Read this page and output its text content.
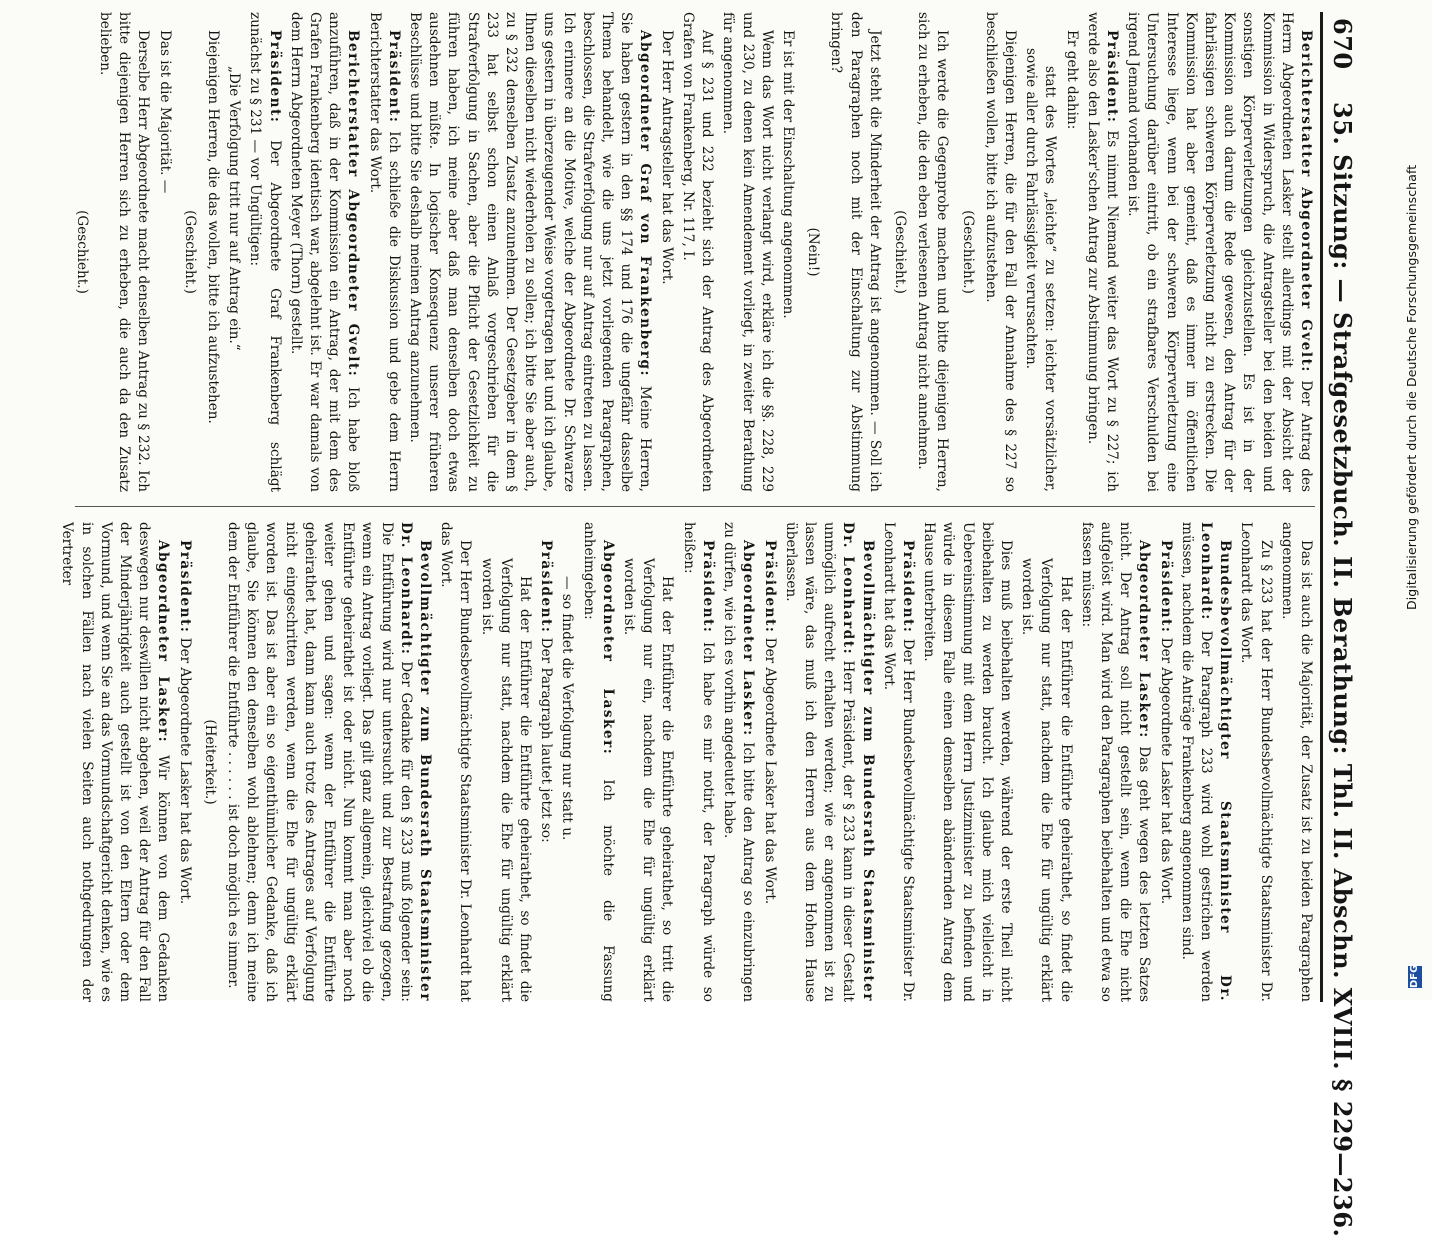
670
35. Sitzung: — Strafgesetzbuch. II. Berathung: Thl. II. Abschn. XVIII. § 229—236.

Berichterstatter Abgeordneter Gvelt: Der Antrag des Herrn Abgeordneten Lasker stellt allerdings mit der Absicht der Kommission in Widerspruch, die Antragsteller bei den beiden und sonstigen Körperverletzungen gleichzustellen. Es ist in der Kommission auch darum die Rede gewesen, den Antrag für der fahrlässigen schweren Körperverletzung nicht zu erstrecken. Die Kommission hat aber gemeint, daß es immer im öffentlichen Interesse liege, wenn bei der schweren Körperverletzung eine Untersuchung darüber eintritt, ob ein strafbares Verschulden bei irgend Jemand vorhanden ist.

Präsident: Es nimmt Niemand weiter das Wort zu § 227; ich werde also den Lasker'schen Antrag zur Abstimmung bringen.

Er geht dahin:

statt des Wortes „leichte“ zu setzen: leichter vorsätzlicher, sowie aller durch Fahrlässigkeit verursachten.

Diejenigen Herren, die für den Fall der Annahme des § 227 so beschließen wollen, bitte ich aufzustehen.

(Geschieht.)

Ich werde die Gegenprobe machen und bitte diejenigen Herren, sich zu erheben, die den eben verlesenen Antrag nicht annehmen.

(Geschieht.)

Jetzt steht die Minderheit der Antrag ist angenommen. — Soll ich den Paragraphen noch mit der Einschaltung zur Abstimmung bringen?

(Nein!)

Er ist mit der Einschaltung angenommen.

Wenn das Wort nicht verlangt wird, erkläre ich die §§. 228, 229 und 230, zu denen kein Amendement vorliegt, in zweiter Berathung für angenommen.

Auf § 231 und 232 bezieht sich der Antrag des Abgeordneten Grafen von Frankenberg, Nr. 117, I.

Der Herr Antragsteller hat das Wort.

Abgeordneter Graf von Frankenberg: Meine Herren, Sie haben gestern in den §§ 174 und 176 die ungefähr dasselbe Thema behandelt, wie die uns jetzt vorliegenden Paragraphen, beschlossen, die Strafverfolgung nur auf Antrag eintreten zu lassen. Ich erinnere an die Motive, welche der Abgeordnete Dr. Schwarze uns gestern in überzeugender Weise vorgetragen hat und ich glaube, Ihnen dieselben nicht wiederholen zu sollen; ich bitte Sie aber auch, zu § 232 denselben Zusatz anzunehmen. Der Gesetzgeber in dem § 233 hat selbst schon einen Anlaß vorgeschrieben für die Strafverfolgung in Sachen, aber die Pflicht der Gesetzlichkeit zu führen haben, ich meine aber daß man denselben doch etwas ausdehnen müßte. In logischer Konsequenz unserer früheren Beschlüsse und bitte Sie deshalb meinen Antrag anzunehmen.

Präsident: Ich schließe die Diskussion und gebe dem Herrn Berichterstatter das Wort.

Berichterstatter Abgeordneter Gvelt: Ich habe bloß anzuführen, daß in der Kommission ein Antrag, der mit dem des Grafen Frankenberg identisch war, abgelehnt ist. Er war damals von dem Herrn Abgeordneten Meyer (Thorn) gestellt.

Präsident: Der Abgeordnete Graf Frankenberg schlägt zunächst zu § 231 — vor Ungültigen:

„Die Verfolgung tritt nur auf Antrag ein.“

Diejenigen Herren, die das wollen, bitte ich aufzustehen.

(Geschieht.)

Das ist die Majorität. —

Derselbe Herr Abgeordnete macht denselben Antrag zu § 232. Ich bitte diejenigen Herren sich zu erheben, die auch da den Zusatz belieben.

(Geschieht.)

Das ist auch die Majorität, der Zusatz ist zu beiden Paragraphen angenommen.

Zu § 233 hat der Herr Bundesbevollmächtigte Staatsminister Dr. Leonhardt das Wort.

Bundesbevollmächtigter Staatsminister Dr. Leonhardt: Der Paragraph 233 wird wohl gestrichen werden müssen, nachdem die Anträge Frankenberg angenommen sind.

Präsident: Der Abgeordnete Lasker hat das Wort.

Abgeordneter Lasker: Das geht wegen des letzten Satzes nicht. Der Antrag soll nicht gestellt sein, wenn die Ehe nicht aufgelöst wird. Man wird den Paragraphen beibehalten und etwa so fassen müssen:

Hat der Entführer die Entführte geheirathet, so findet die Verfolgung nur statt, nachdem die Ehe für ungültig erklärt worden ist.

Dies muß beibehalten werden, während der erste Theil nicht beibehalten zu werden braucht. Ich glaube mich vielleicht in Uebereinstimmung mit dem Herrn Justizminister zu befinden und würde in diesem Falle einen demselben abändernden Antrag dem Hause unterbreiten.

Präsident: Der Herr Bundesbevollmächtigte Staatsminister Dr. Leonhardt hat das Wort.

Bevollmächtigter zum Bundesrath Staatsminister Dr. Leonhardt: Herr Präsident, der § 233 kann in dieser Gestalt unmöglich aufrecht erhalten werden; wie er angenommen ist zu lassen wäre, das muß ich den Herren aus dem Hohen Hause überlassen.

Präsident: Der Abgeordnete Lasker hat das Wort.

Abgeordneter Lasker: Ich bitte den Antrag so einzubringen zu dürfen, wie ich es vorhin angedeutet habe.

Präsident: Ich habe es mir notirt, der Paragraph würde so heißen:

Hat der Entführer die Entführte geheirathet, so tritt die Verfolgung nur ein, nachdem die Ehe für ungültig erklärt worden ist.

Abgeordneter Lasker: Ich möchte die Fassung anheimgeben:

— so findet die Verfolgung nur statt u.

Präsident: Der Paragraph lautet jetzt so:

Hat der Entführer die Entführte geheirathet, so findet die Verfolgung nur statt, nachdem die Ehe für ungültig erklärt worden ist.

Der Herr Bundesbevollmächtigte Staatsminister Dr. Leonhardt hat das Wort.

Bevollmächtigter zum Bundesrath Staatsminister Dr. Leonhardt: Der Gedanke für den § 233 muß folgender sein: Die Entführung wird nur untersucht und zur Bestrafung gezogen, wenn ein Antrag vorliegt. Das gilt ganz allgemein, gleichviel ob die Entführte geheirathet ist oder nicht. Nun kommt man aber noch weiter gehen und sagen: wenn der Entführer die Entführte geheirathet hat, dann kann auch trotz des Antrages auf Verfolgung nicht eingeschritten werden, wenn die Ehe für ungültig erklärt worden ist. Das ist aber ein so eigenthümlicher Gedanke, daß ich glaube, Sie können den denselben wohl ablehnen; denn ich meine dem der Entführer die Entführte . . . . . . ist doch möglich es immer.

(Heiterkeit.)

Präsident: Der Abgeordnete Lasker hat das Wort.

Abgeordneter Lasker: Wir können von dem Gedanken deswegen nur deswillen nicht abgehen, weil der Antrag für den Fall der Minderjährigkeit auch gestellt ist von den Eltern oder dem Vormund, und wenn Sie an das Vormundschaftgericht denken, wie es in solchen Fällen nach vielen Seiten auch nothgedrungen der Vertreter	Digitalisierung gefördert durch die Deutsche Forschungsgemeinschaft
DFG
